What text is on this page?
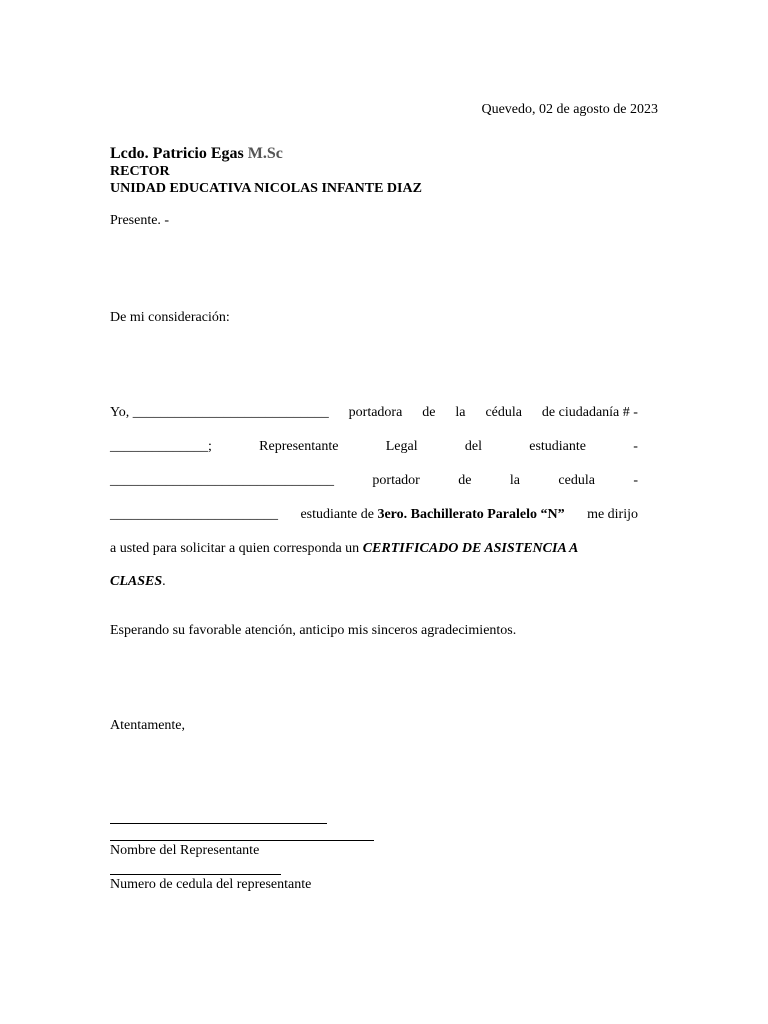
Quevedo, 02 de agosto de 2023
Lcdo. Patricio Egas M.Sc
RECTOR
UNIDAD EDUCATIVA NICOLAS INFANTE DIAZ
Presente. -
De mi consideración:
Yo, ____________________________ portadora de la cédula de ciudadanía # -
______________;	Representante	Legal	del	estudiante	-
________________________________	portador	de	la	cedula	-
________________________ estudiante de 3ero. Bachillerato Paralelo “N” me dirijo
a usted para solicitar a quien corresponda un CERTIFICADO DE ASISTENCIA A
CLASES.
Esperando su favorable atención, anticipo mis sinceros agradecimientos.
Atentamente,
Nombre del Representante
Numero de cedula del representante
